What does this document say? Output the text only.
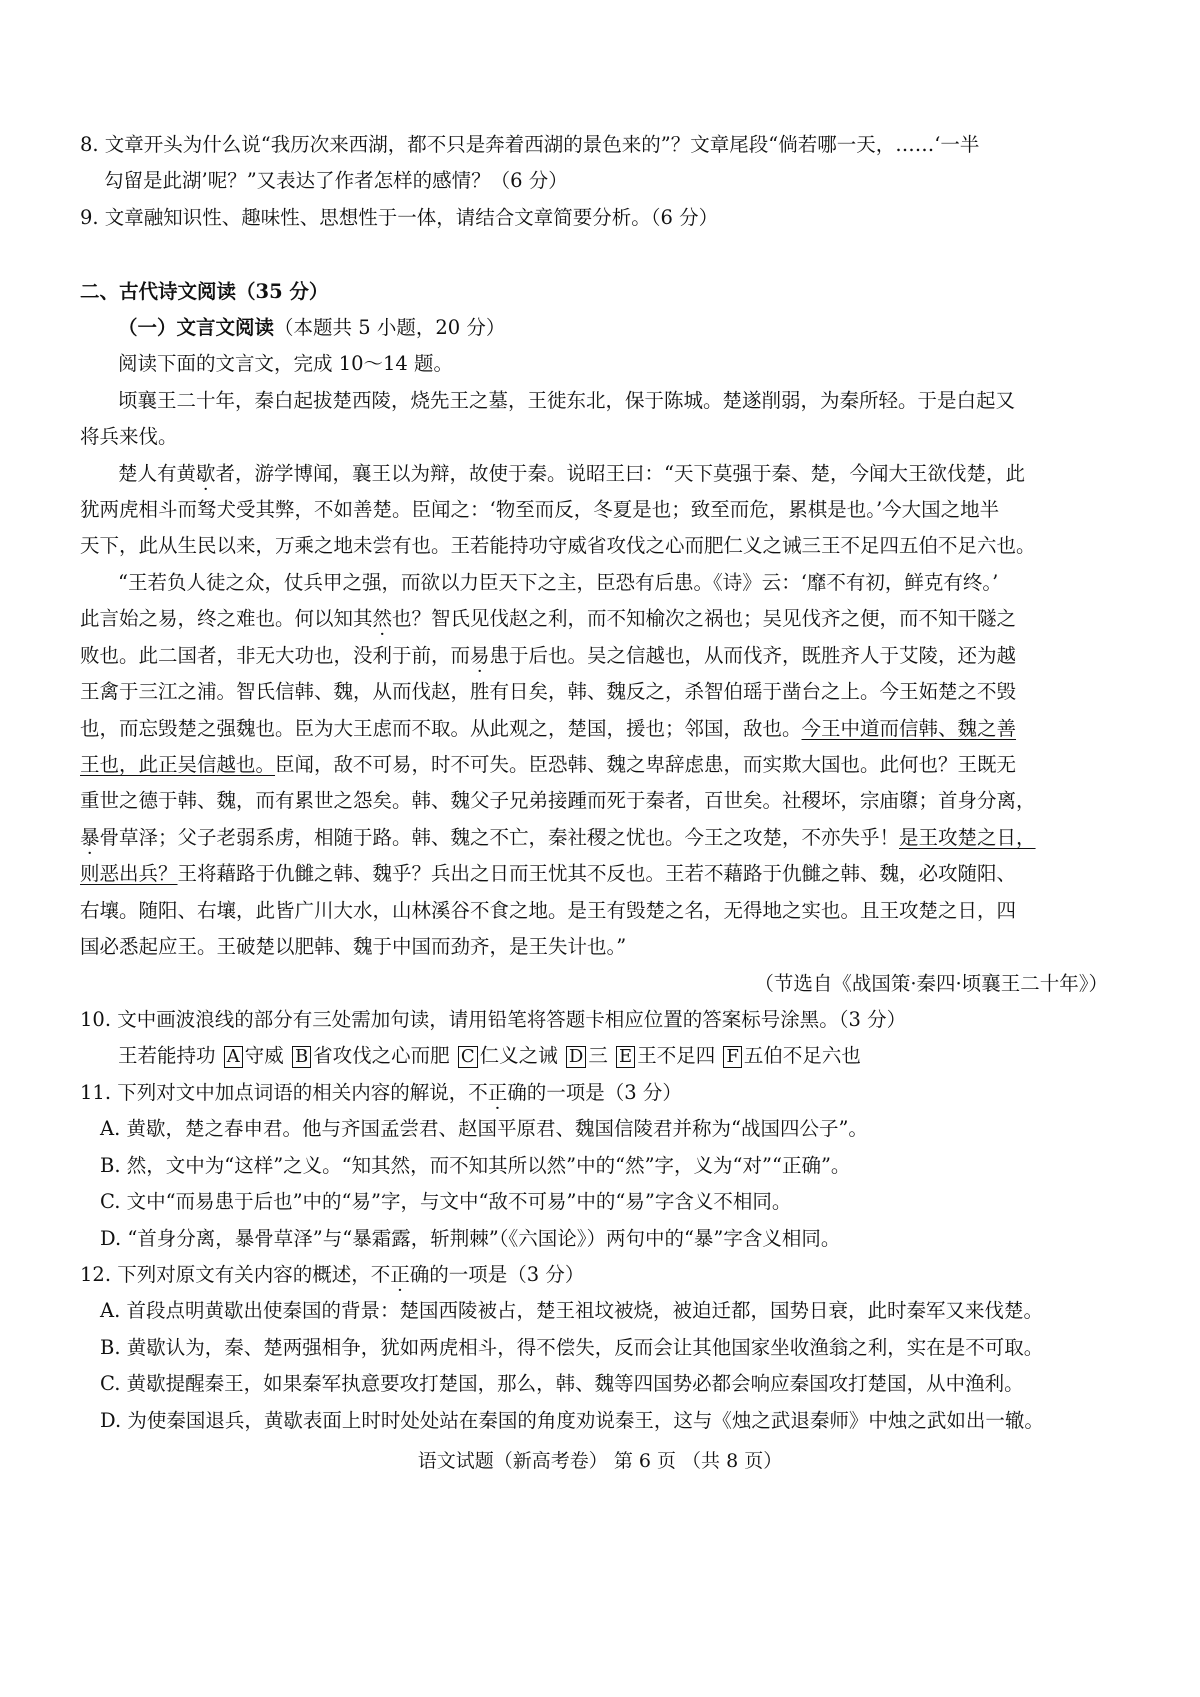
8. 文章开头为什么说“我历次来西湖，都不只是奔着西湖的景色来的”？文章尾段“倘若哪一天，……‘一半
勾留是此湖’呢？”又表达了作者怎样的感情？（6 分）
9. 文章融知识性、趣味性、思想性于一体，请结合文章简要分析。（6 分）
二、古代诗文阅读（35 分）
（一）文言文阅读（本题共 5 小题，20 分）
阅读下面的文言文，完成 10～14 题。
顷襄王二十年，秦白起拔楚西陵，烧先王之墓，王徙东北，保于陈城。楚遂削弱，为秦所轻。于是白起又
将兵来伐。
楚人有黄歇者，游学博闻，襄王以为辩，故使于秦。说昭王曰：“天下莫强于秦、楚，今闻大王欲伐楚，此
犹两虎相斗而驽犬受其弊，不如善楚。臣闻之：‘物至而反，冬夏是也；致至而危，累棋是也。’今大国之地半
天下，此从生民以来，万乘之地未尝有也。王若能持功守威省攻伐之心而肥仁义之诫三王不足四五伯不足六也。
“王若负人徒之众，仗兵甲之强，而欲以力臣天下之主，臣恐有后患。《诗》云：‘靡不有初，鲜克有终。’
此言始之易，终之难也。何以知其然也？智氏见伐赵之利，而不知榆次之祸也；吴见伐齐之便，而不知干隧之
败也。此二国者，非无大功也，没利于前，而易患于后也。吴之信越也，从而伐齐，既胜齐人于艾陵，还为越
王禽于三江之浦。智氏信韩、魏，从而伐赵，胜有日矣，韩、魏反之，杀智伯瑶于凿台之上。今王妬楚之不毁
也，而忘毁楚之强魏也。臣为大王虑而不取。从此观之，楚国，援也；邻国，敌也。今王中道而信韩、魏之善
王也，此正吴信越也。臣闻，敌不可易，时不可失。臣恐韩、魏之卑辞虑患，而实欺大国也。此何也？王既无
重世之德于韩、魏，而有累世之怨矣。韩、魏父子兄弟接踵而死于秦者，百世矣。社稷坏，宗庙隳；首身分离，
暴骨草泽；父子老弱系虏，相随于路。韩、魏之不亡，秦社稷之忧也。今王之攻楚，不亦失乎！是王攻楚之日，
则恶出兵？王将藉路于仇雠之韩、魏乎？兵出之日而王忧其不反也。王若不藉路于仇雠之韩、魏，必攻随阳、
右壤。随阳、右壤，此皆广川大水，山林溪谷不食之地。是王有毁楚之名，无得地之实也。且王攻楚之日，四
国必悉起应王。王破楚以肥韩、魏于中国而劲齐，是王失计也。”
（节选自《战国策·秦四·顷襄王二十年》）
10. 文中画波浪线的部分有三处需加句读，请用铅笔将答题卡相应位置的答案标号涂黑。（3 分）
王若能持功 A 守威 B 省攻伐之心而肥 C 仁义之诫 D 三 E 王不足四 F 五伯不足六也
11. 下列对文中加点词语的相关内容的解说，不正确的一项是（3 分）
A. 黄歇，楚之春申君。他与齐国孟尝君、赵国平原君、魏国信陵君并称为“战国四公子”。
B. 然，文中为“这样”之义。“知其然，而不知其所以然”中的“然”字，义为“对”“正确”。
C. 文中“而易患于后也”中的“易”字，与文中“敌不可易”中的“易”字含义不相同。
D. “首身分离，暴骨草泽”与“暴霜露，斩荆棘”（《六国论》）两句中的“暴”字含义相同。
12. 下列对原文有关内容的概述，不正确的一项是（3 分）
A. 首段点明黄歇出使秦国的背景：楚国西陵被占，楚王祖坟被烧，被迫迁都，国势日衰，此时秦军又来伐楚。
B. 黄歇认为，秦、楚两强相争，犹如两虎相斗，得不偿失，反而会让其他国家坐收渔翁之利，实在是不可取。
C. 黄歇提醒秦王，如果秦军执意要攻打楚国，那么，韩、魏等四国势必都会响应秦国攻打楚国，从中渔利。
D. 为使秦国退兵，黄歇表面上时时处处站在秦国的角度劝说秦王，这与《烛之武退秦师》中烛之武如出一辙。
语文试题（新高考卷） 第 6 页 （共 8 页）
